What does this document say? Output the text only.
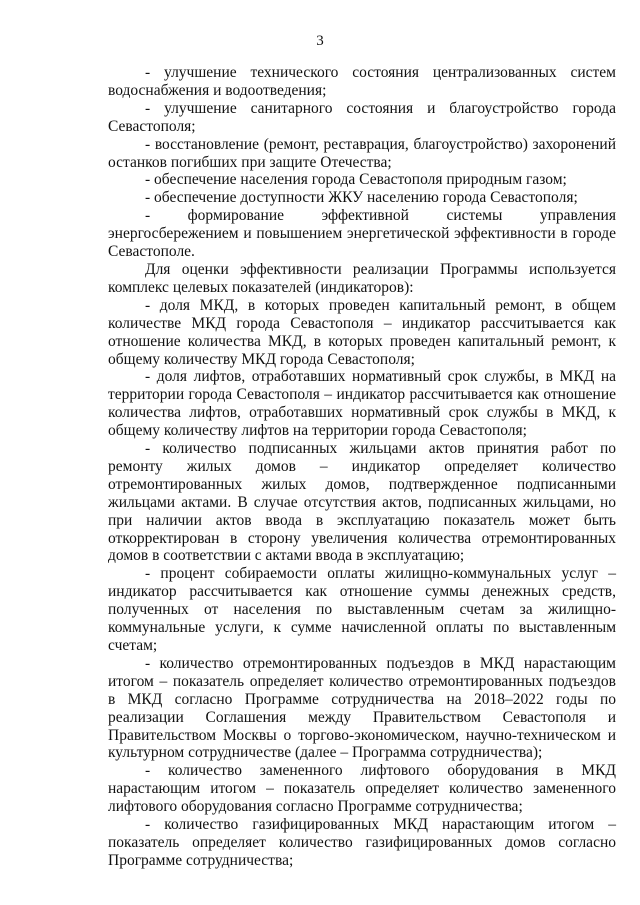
3

- улучшение технического состояния централизованных систем водоснабжения и водоотведения;

- улучшение санитарного состояния и благоустройство города Севастополя;

- восстановление (ремонт, реставрация, благоустройство) захоронений останков погибших при защите Отечества;

- обеспечение населения города Севастополя природным газом;

- обеспечение доступности ЖКУ населению города Севастополя;

- формирование эффективной системы управления энергосбережением и повышением энергетической эффективности в городе Севастополе.

Для оценки эффективности реализации Программы используется комплекс целевых показателей (индикаторов):

- доля МКД, в которых проведен капитальный ремонт, в общем количестве МКД города Севастополя – индикатор рассчитывается как отношение количества МКД, в которых проведен капитальный ремонт, к общему количеству МКД города Севастополя;

- доля лифтов, отработавших нормативный срок службы, в МКД на территории города Севастополя – индикатор рассчитывается как отношение количества лифтов, отработавших нормативный срок службы в МКД, к общему количеству лифтов на территории города Севастополя;

- количество подписанных жильцами актов принятия работ по ремонту жилых домов – индикатор определяет количество отремонтированных жилых домов, подтвержденное подписанными жильцами актами. В случае отсутствия актов, подписанных жильцами, но при наличии актов ввода в эксплуатацию показатель может быть откорректирован в сторону увеличения количества отремонтированных домов в соответствии с актами ввода в эксплуатацию;

- процент собираемости оплаты жилищно-коммунальных услуг – индикатор рассчитывается как отношение суммы денежных средств, полученных от населения по выставленным счетам за жилищно-коммунальные услуги, к сумме начисленной оплаты по выставленным счетам;

- количество отремонтированных подъездов в МКД нарастающим итогом – показатель определяет количество отремонтированных подъездов в МКД согласно Программе сотрудничества на 2018–2022 годы по реализации Соглашения между Правительством Севастополя и Правительством Москвы о торгово-экономическом, научно-техническом и культурном сотрудничестве (далее – Программа сотрудничества);

- количество замененного лифтового оборудования в МКД нарастающим итогом – показатель определяет количество замененного лифтового оборудования согласно Программе сотрудничества;

- количество газифицированных МКД нарастающим итогом – показатель определяет количество газифицированных домов согласно Программе сотрудничества;
